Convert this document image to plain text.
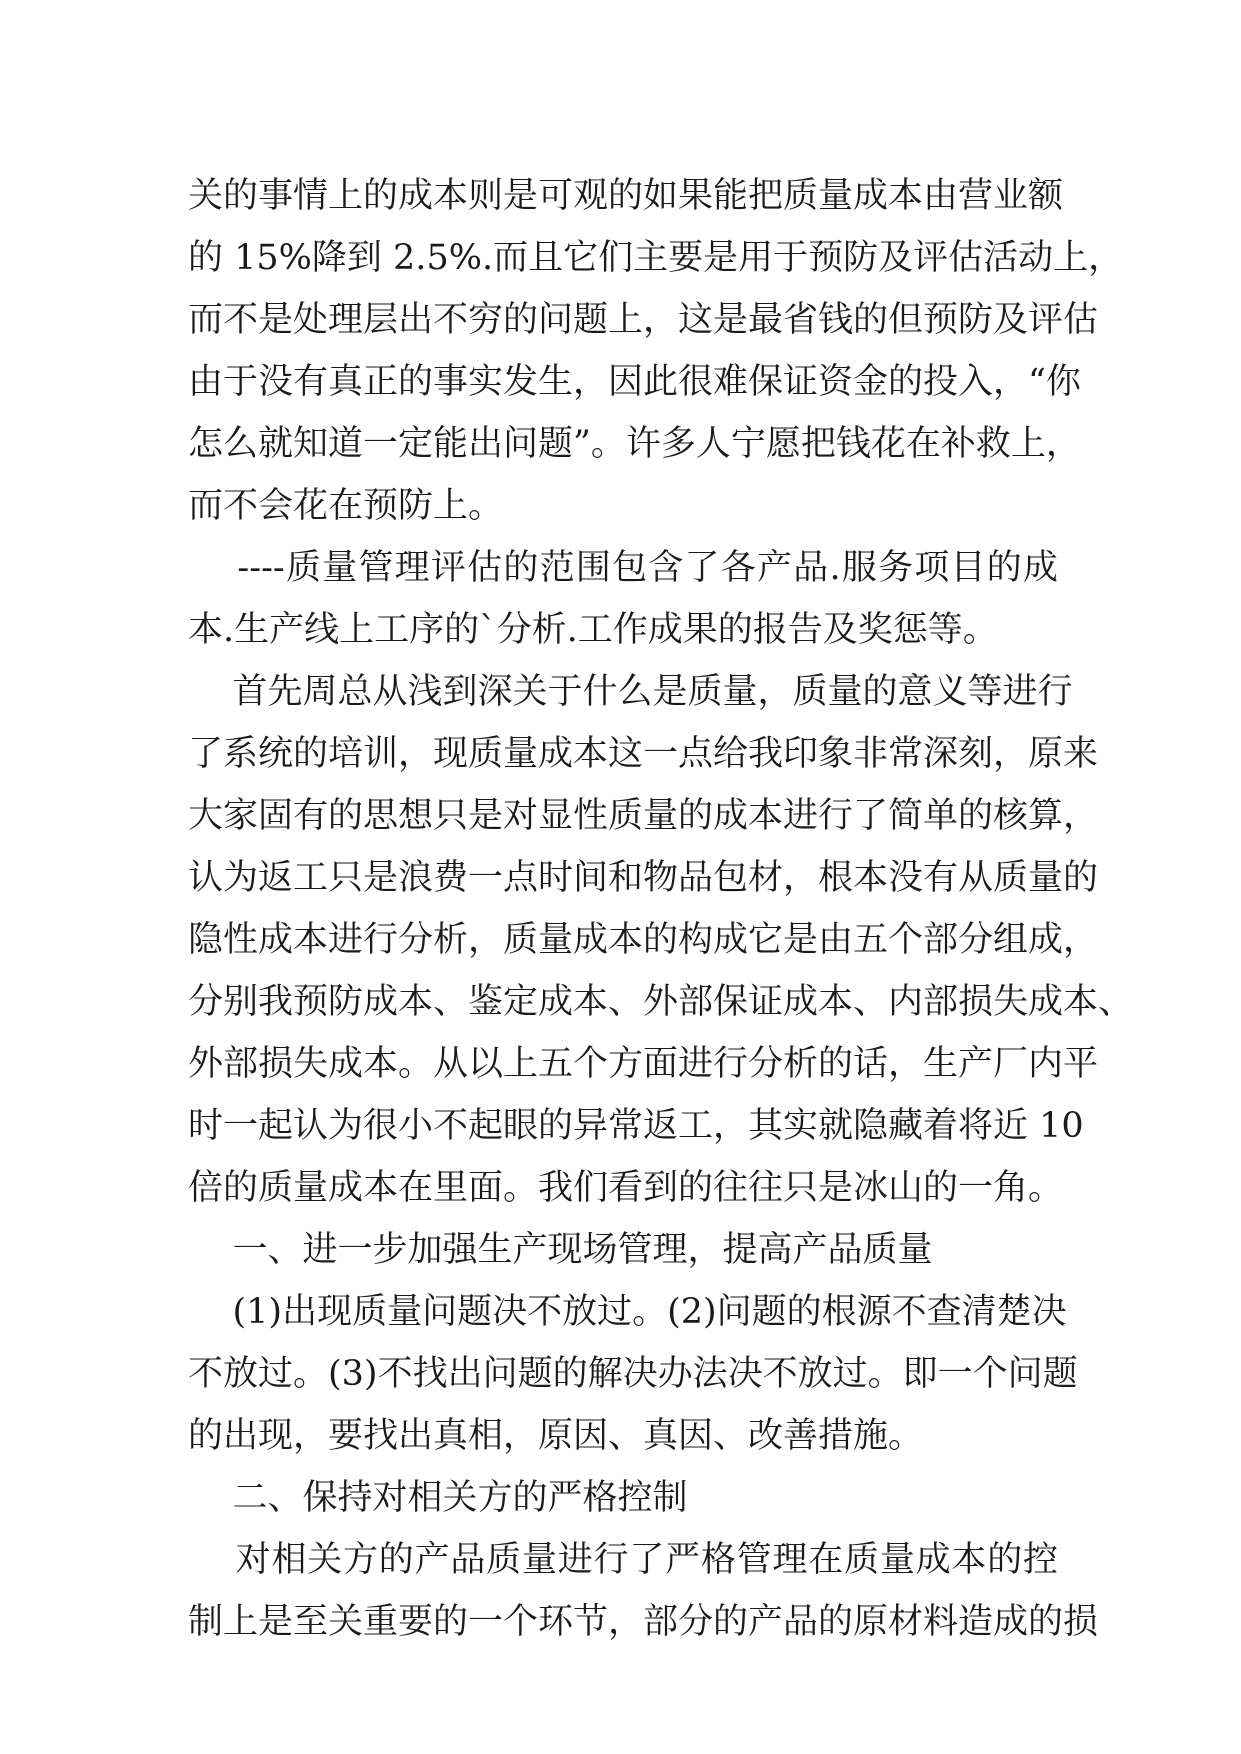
关的事情上的成本则是可观的如果能把质量成本由营业额
的 15%降到 2.5%.而且它们主要是用于预防及评估活动上，
而不是处理层出不穷的问题上，这是最省钱的但预防及评估
由于没有真正的事实发生，因此很难保证资金的投入，“你
怎么就知道一定能出问题”。许多人宁愿把钱花在补救上，
而不会花在预防上。
----质量管理评估的范围包含了各产品.服务项目的成
本.生产线上工序的`分析.工作成果的报告及奖惩等。
首先周总从浅到深关于什么是质量，质量的意义等进行
了系统的培训，现质量成本这一点给我印象非常深刻，原来
大家固有的思想只是对显性质量的成本进行了简单的核算，
认为返工只是浪费一点时间和物品包材，根本没有从质量的
隐性成本进行分析，质量成本的构成它是由五个部分组成，
分别我预防成本、鉴定成本、外部保证成本、内部损失成本、
外部损失成本。从以上五个方面进行分析的话，生产厂内平
时一起认为很小不起眼的异常返工，其实就隐藏着将近 10
倍的质量成本在里面。我们看到的往往只是冰山的一角。
一、进一步加强生产现场管理，提高产品质量
(1)出现质量问题决不放过。(2)问题的根源不查清楚决
不放过。(3)不找出问题的解决办法决不放过。即一个问题
的出现，要找出真相，原因、真因、改善措施。
二、保持对相关方的严格控制
对相关方的产品质量进行了严格管理在质量成本的控
制上是至关重要的一个环节，部分的产品的原材料造成的损
